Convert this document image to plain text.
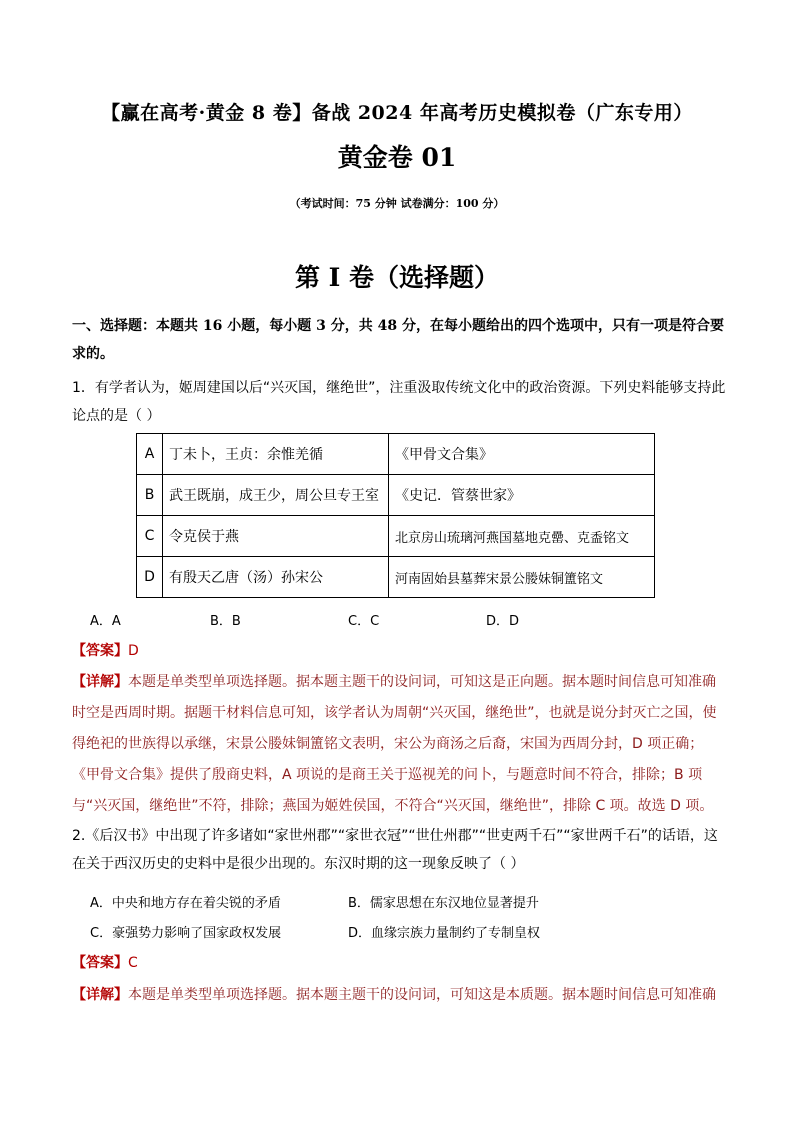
【赢在高考·黄金 8 卷】备战 2024 年高考历史模拟卷（广东专用）
黄金卷 01
（考试时间：75 分钟 试卷满分：100 分）
第 I 卷（选择题）
一、选择题：本题共 16 小题，每小题 3 分，共 48 分，在每小题给出的四个选项中，只有一项是符合要求的。
1．有学者认为，姬周建国以后“兴灭国，继绝世”，注重汲取传统文化中的政治资源。下列史料能够支持此论点的是（ ）
A	丁未卜，王贞：余惟羌循	《甲骨文合集》
B	武王既崩，成王少，周公旦专王室	《史记．管蔡世家》
C	令克侯于燕	北京房山琉璃河燕国墓地克罍、克盉铭文
D	有殷天乙唐（汤）孙宋公	河南固始县墓葬宋景公媵妹铜簠铭文
A．A	B．B	C．C	D．D
【答案】D
【详解】本题是单类型单项选择题。据本题主题干的设问词，可知这是正向题。据本题时间信息可知准确时空是西周时期。据题干材料信息可知，该学者认为周朝“兴灭国，继绝世”，也就是说分封灭亡之国，使得绝祀的世族得以承继，宋景公媵妹铜簠铭文表明，宋公为商汤之后裔，宋国为西周分封，D 项正确；《甲骨文合集》提供了殷商史料，A 项说的是商王关于巡视羌的问卜，与题意时间不符合，排除；B 项与“兴灭国，继绝世”不符，排除；燕国为姬姓侯国，不符合“兴灭国，继绝世”，排除 C 项。故选 D 项。
2.《后汉书》中出现了许多诸如“家世州郡”“家世衣冠”“世仕州郡”“世吏两千石”“家世两千石”的话语，这在关于西汉历史的史料中是很少出现的。东汉时期的这一现象反映了（ ）
A．中央和地方存在着尖锐的矛盾	B．儒家思想在东汉地位显著提升
C．豪强势力影响了国家政权发展	D．血缘宗族力量制约了专制皇权
【答案】C
【详解】本题是单类型单项选择题。据本题主题干的设问词，可知这是本质题。据本题时间信息可知准确
